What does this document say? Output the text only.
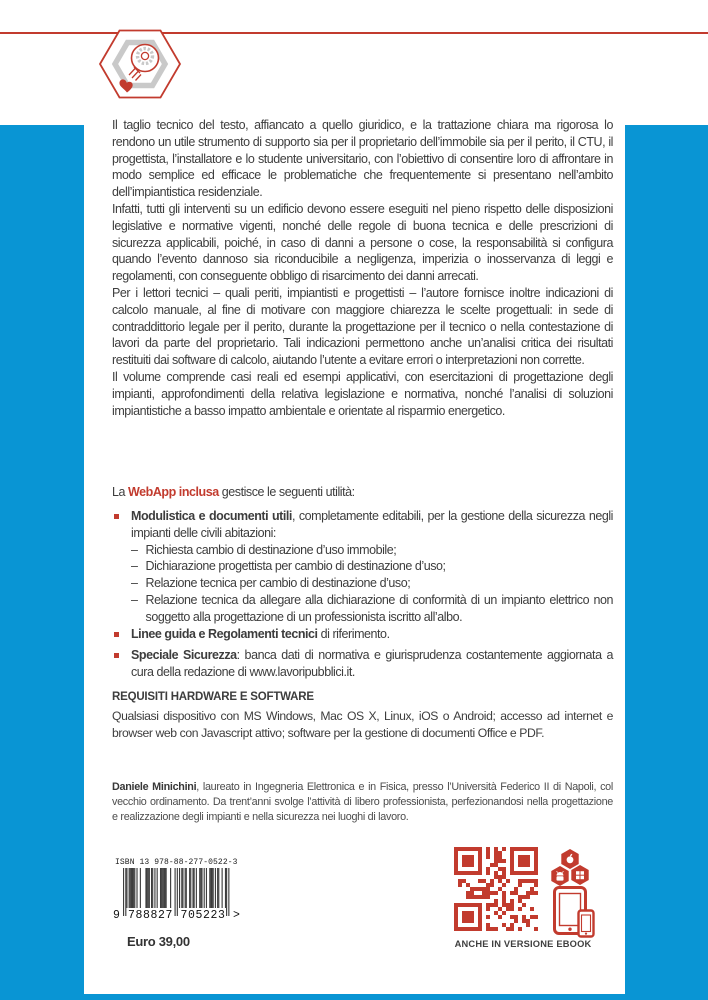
Il taglio tecnico del testo, affiancato a quello giuridico, e la trattazione chiara ma rigorosa lo rendono un utile strumento di supporto sia per il proprietario dell’immobile sia per il perito, il CTU, il progettista, l’installatore e lo studente universitario, con l’obiettivo di consentire loro di affrontare in modo semplice ed efficace le problematiche che frequentemente si presentano nell’ambito dell’impiantistica residenziale.

Infatti, tutti gli interventi su un edificio devono essere eseguiti nel pieno rispetto delle disposizioni legislative e normative vigenti, nonché delle regole di buona tecnica e delle prescrizioni di sicurezza applicabili, poiché, in caso di danni a persone o cose, la responsabilità si configura quando l’evento dannoso sia riconducibile a negligenza, imperizia o inosservanza di leggi e regolamenti, con conseguente obbligo di risarcimento dei danni arrecati.

Per i lettori tecnici – quali periti, impiantisti e progettisti – l’autore fornisce inoltre indicazioni di calcolo manuale, al fine di motivare con maggiore chiarezza le scelte progettuali: in sede di contraddittorio legale per il perito, durante la progettazione per il tecnico o nella contestazione di lavori da parte del proprietario. Tali indicazioni permettono anche un’analisi critica dei risultati restituiti dai software di calcolo, aiutando l’utente a evitare errori o interpretazioni non corrette.

Il volume comprende casi reali ed esempi applicativi, con esercitazioni di progettazione degli impianti, approfondimenti della relativa legislazione e normativa, nonché l’analisi di soluzioni impiantistiche a basso impatto ambientale e orientate al risparmio energetico.

La WebApp inclusa gestisce le seguenti utilità:
Modulistica e documenti utili, completamente editabili, per la gestione della sicurezza negli impianti delle civili abitazioni:
– Richiesta cambio di destinazione d’uso immobile;
– Dichiarazione progettista per cambio di destinazione d’uso;
– Relazione tecnica per cambio di destinazione d’uso;
– Relazione tecnica da allegare alla dichiarazione di conformità di un impianto elettrico non soggetto alla progettazione di un professionista iscritto all’albo.
Linee guida e Regolamenti tecnici di riferimento.
Speciale Sicurezza: banca dati di normativa e giurisprudenza costantemente aggiornata a cura della redazione di www.lavoripubblici.it.
REQUISITI HARDWARE E SOFTWARE
Qualsiasi dispositivo con MS Windows, Mac OS X, Linux, iOS o Android; accesso ad internet e browser web con Javascript attivo; software per la gestione di documenti Office e PDF.
Daniele Minichini, laureato in Ingegneria Elettronica e in Fisica, presso l’Università Federico II di Napoli, col vecchio ordinamento. Da trent’anni svolge l’attività di libero professionista, perfezionandosi nella progettazione e realizzazione degli impianti e nella sicurezza nei luoghi di lavoro.
ISBN 13 978-88-277-0522-3
9 788827 705223 >
Euro 39,00	ANCHE IN VERSIONE EBOOK
